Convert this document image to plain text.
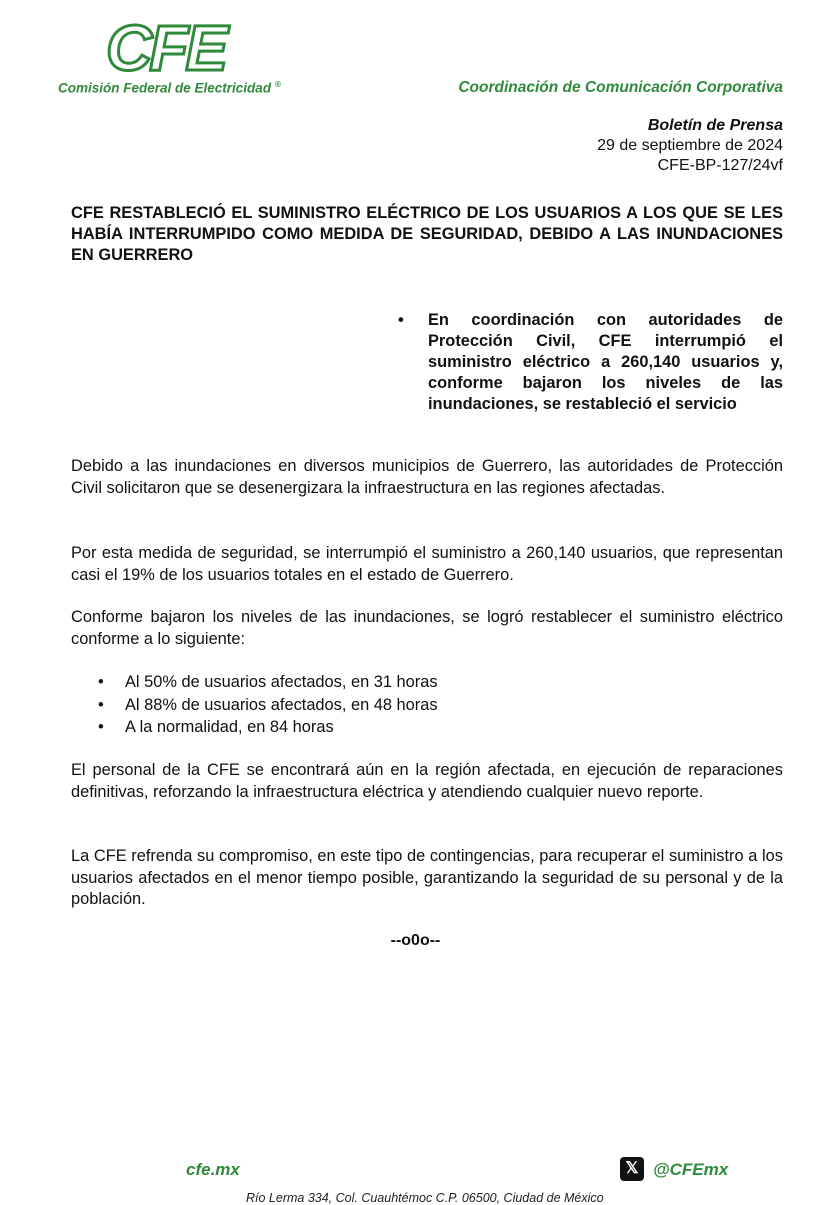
CFE
Comisión Federal de Electricidad ®	Coordinación de Comunicación Corporativa
Boletín de Prensa
29 de septiembre de 2024
CFE-BP-127/24vf
CFE RESTABLECIÓ EL SUMINISTRO ELÉCTRICO DE LOS USUARIOS A LOS QUE SE LES HABÍA INTERRUMPIDO COMO MEDIDA DE SEGURIDAD, DEBIDO A LAS INUNDACIONES EN GUERRERO
• En coordinación con autoridades de Protección Civil, CFE interrumpió el suministro eléctrico a 260,140 usuarios y, conforme bajaron los niveles de las inundaciones, se restableció el servicio
Debido a las inundaciones en diversos municipios de Guerrero, las autoridades de Protección Civil solicitaron que se desenergizara la infraestructura en las regiones afectadas.
Por esta medida de seguridad, se interrumpió el suministro a 260,140 usuarios, que representan casi el 19% de los usuarios totales en el estado de Guerrero.
Conforme bajaron los niveles de las inundaciones, se logró restablecer el suministro eléctrico conforme a lo siguiente:
• Al 50% de usuarios afectados, en 31 horas
• Al 88% de usuarios afectados, en 48 horas
• A la normalidad, en 84 horas
El personal de la CFE se encontrará aún en la región afectada, en ejecución de reparaciones definitivas, reforzando la infraestructura eléctrica y atendiendo cualquier nuevo reporte.
La CFE refrenda su compromiso, en este tipo de contingencias, para recuperar el suministro a los usuarios afectados en el menor tiempo posible, garantizando la seguridad de su personal y de la población.
--o0o--
cfe.mx	𝕏 @CFEmx
Río Lerma 334, Col. Cuauhtémoc C.P. 06500, Ciudad de México
